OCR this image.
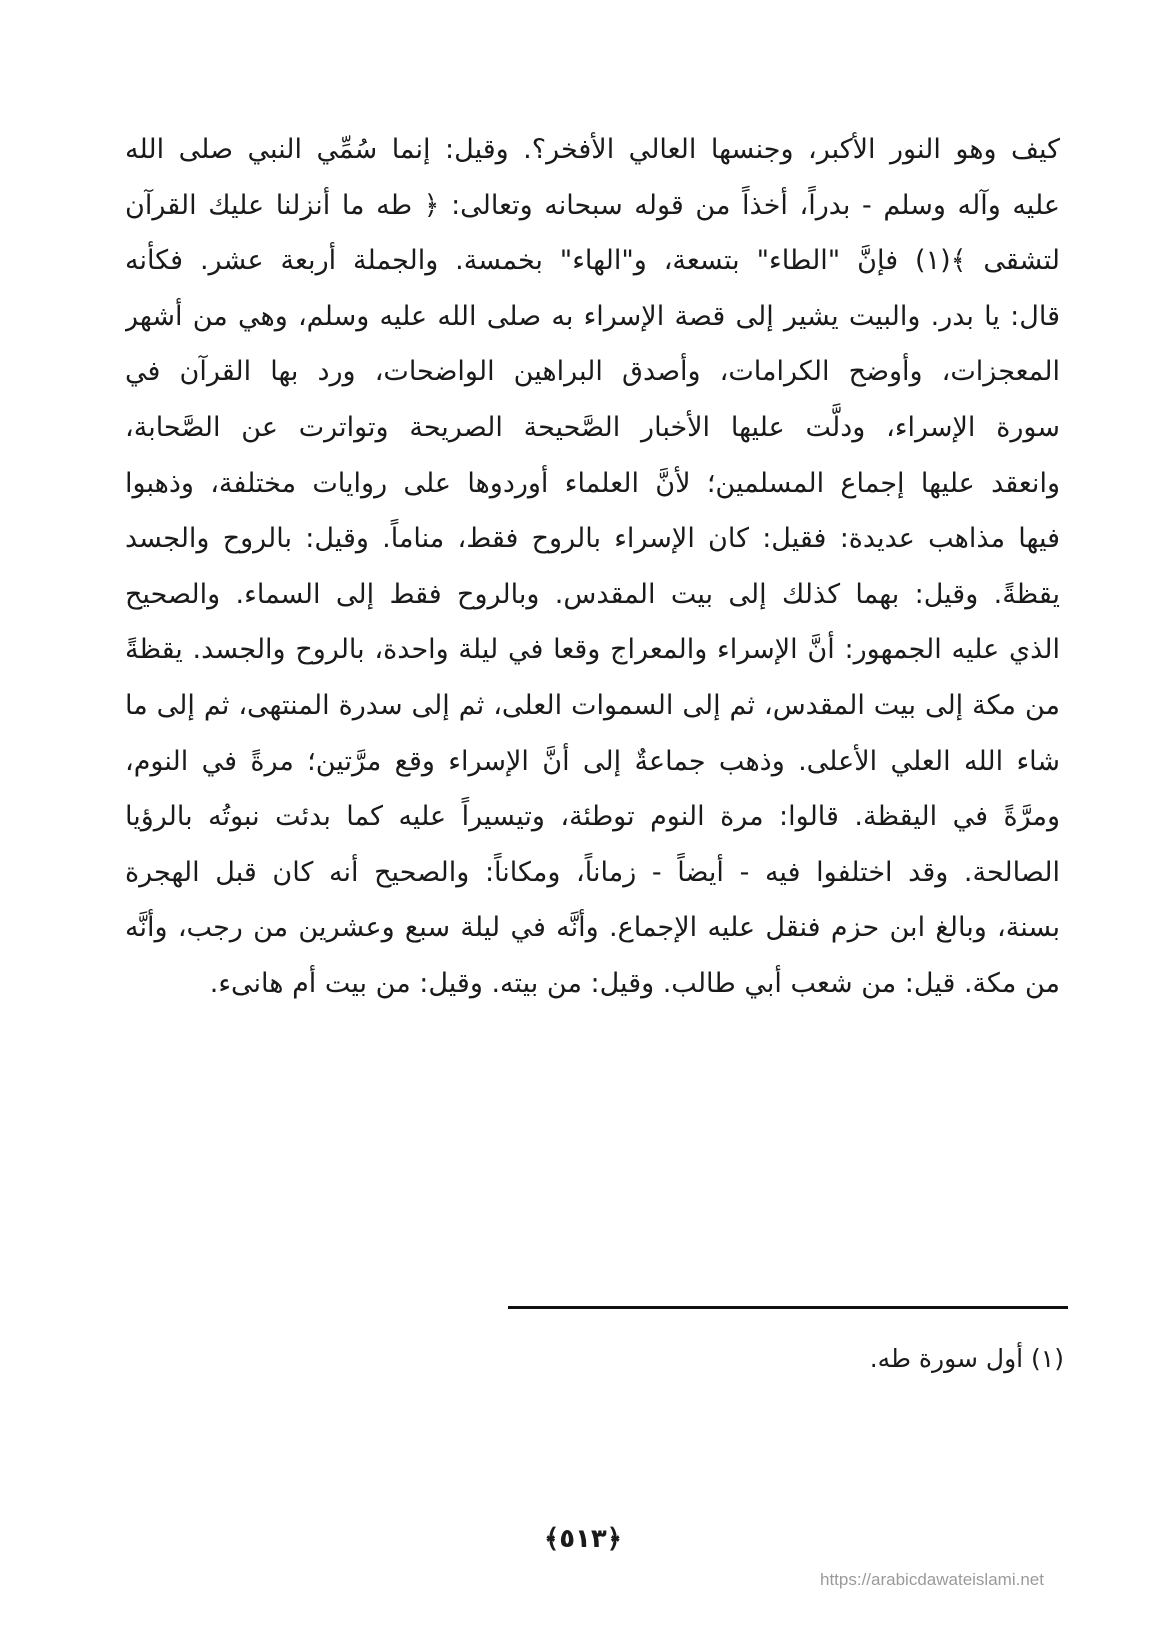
كيف وهو النور الأكبر، وجنسها العالي الأفخر؟. وقيل: إنما سُمِّي النبي صلى الله
عليه وآله وسلم - بدراً، أخذاً من قوله سبحانه وتعالى: ﴿ طه ما أنزلنا عليك القرآن
لتشقى ﴾(١) فإنَّ "الطاء" بتسعة، و"الهاء" بخمسة. والجملة أربعة عشر. فكأنه
قال: يا بدر. والبيت يشير إلى قصة الإسراء به صلى الله عليه وسلم، وهي من أشهر
المعجزات، وأوضح الكرامات، وأصدق البراهين الواضحات، ورد بها القرآن في
سورة الإسراء، ودلَّت عليها الأخبار الصَّحيحة الصريحة وتواترت عن الصَّحابة،
وانعقد عليها إجماع المسلمين؛ لأنَّ العلماء أوردوها على روايات مختلفة، وذهبوا
فيها مذاهب عديدة: فقيل: كان الإسراء بالروح فقط، مناماً. وقيل: بالروح والجسد
يقظةً. وقيل: بهما كذلك إلى بيت المقدس. وبالروح فقط إلى السماء. والصحيح
الذي عليه الجمهور: أنَّ الإسراء والمعراج وقعا في ليلة واحدة، بالروح والجسد. يقظةً
من مكة إلى بيت المقدس، ثم إلى السموات العلى، ثم إلى سدرة المنتهى، ثم إلى ما
شاء الله العلي الأعلى. وذهب جماعةٌ إلى أنَّ الإسراء وقع مرَّتين؛ مرةً في النوم،
ومرَّةً في اليقظة. قالوا: مرة النوم توطئة، وتيسيراً عليه كما بدئت نبوتُه بالرؤيا
الصالحة. وقد اختلفوا فيه - أيضاً - زماناً، ومكاناً: والصحيح أنه كان قبل الهجرة
بسنة، وبالغ ابن حزم فنقل عليه الإجماع. وأنَّه في ليلة سبع وعشرين من رجب، وأنَّه
من مكة. قيل: من شعب أبي طالب. وقيل: من بيته. وقيل: من بيت أم هانىء.
(١) أول سورة طه.
﴿٥١٣﴾
https://arabicdawateislami.net
